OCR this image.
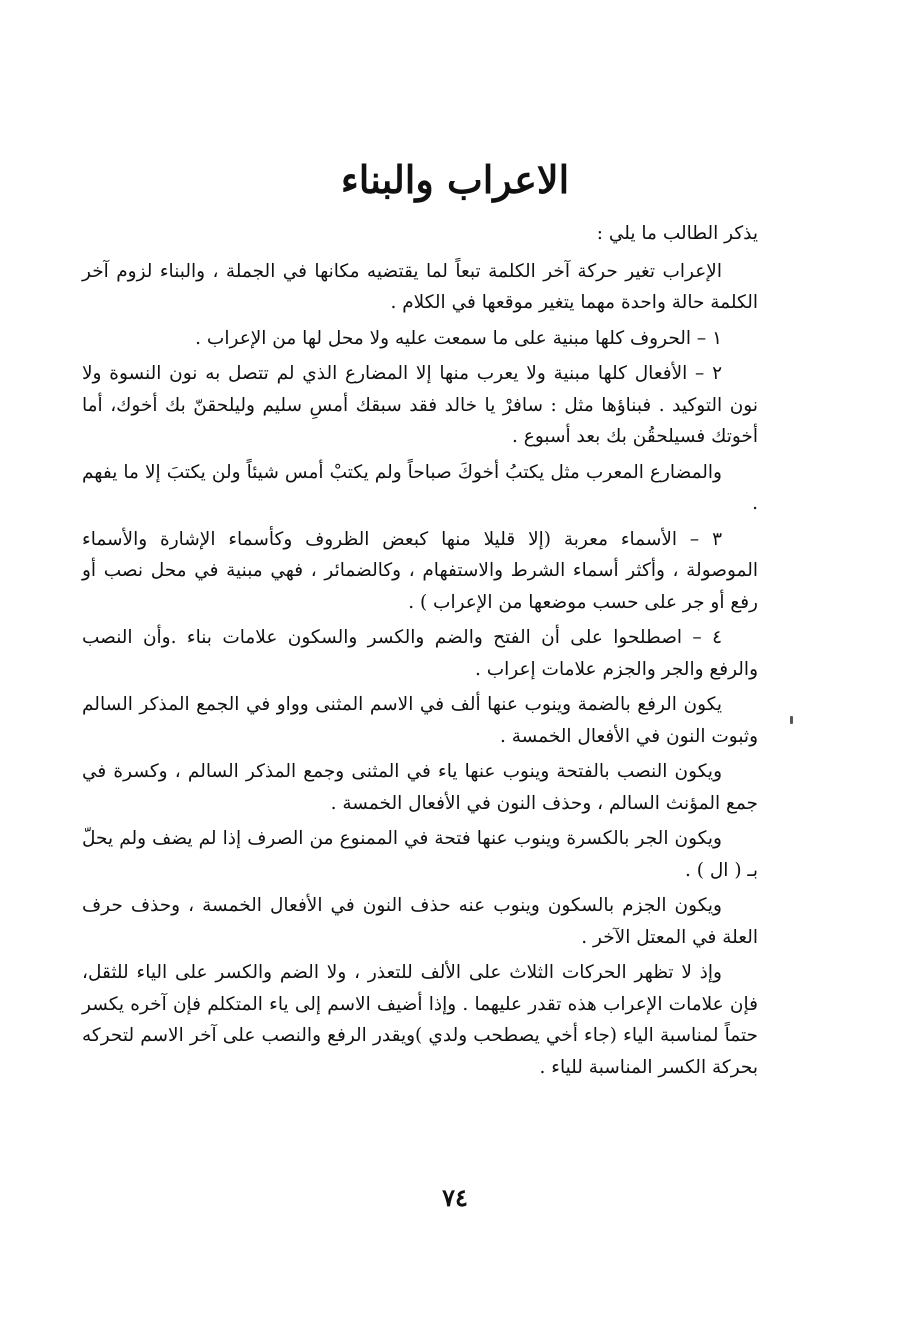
الاعراب والبناء

يذكر الطالب ما يلي :

الإعراب تغير حركة آخر الكلمة تبعاً لما يقتضيه مكانها في الجملة ، والبناء لزوم آخر الكلمة حالة واحدة مهما يتغير موقعها في الكلام .

١ – الحروف كلها مبنية على ما سمعت عليه ولا محل لها من الإعراب .

٢ – الأفعال كلها مبنية ولا يعرب منها إلا المضارع الذي لم تتصل به نون النسوة ولا نون التوكيد . فبناؤها مثل : سافرْ يا خالد فقد سبقك أمسِ سليم وليلحقنّ بك أخوك، أما أخوتك فسيلحقُن بك بعد أسبوع .

والمضارع المعرب مثل يكتبُ أخوكَ صباحاً ولم يكتبْ أمس شيئاً ولن يكتبَ إلا ما يفهم .

٣ – الأسماء معربة (إلا قليلا منها كبعض الظروف وكأسماء الإشارة والأسماء الموصولة ، وأكثر أسماء الشرط والاستفهام ، وكالضمائر ، فهي مبنية في محل نصب أو رفع أو جر على حسب موضعها من الإعراب ) .

٤ – اصطلحوا على أن الفتح والضم والكسر والسكون علامات بناء .وأن النصب والرفع والجر والجزم علامات إعراب .

يكون الرفع بالضمة وينوب عنها ألف في الاسم المثنى وواو في الجمع المذكر السالم وثبوت النون في الأفعال الخمسة .

ويكون النصب بالفتحة وينوب عنها ياء في المثنى وجمع المذكر السالم ، وكسرة في جمع المؤنث السالم ، وحذف النون في الأفعال الخمسة .

ويكون الجر بالكسرة وينوب عنها فتحة في الممنوع من الصرف إذا لم يضف ولم يحلّ بـ ( ال ) .

ويكون الجزم بالسكون وينوب عنه حذف النون في الأفعال الخمسة ، وحذف حرف العلة في المعتل الآخر .

وإذ لا تظهر الحركات الثلاث على الألف للتعذر ، ولا الضم والكسر على الياء للثقل، فإن علامات الإعراب هذه تقدر عليهما . وإذا أضيف الاسم إلى ياء المتكلم فإن آخره يكسر حتماً لمناسبة الياء (جاء أخي يصطحب ولدي )ويقدر الرفع والنصب على آخر الاسم لتحركه بحركة الكسر المناسبة للياء .

٧٤
